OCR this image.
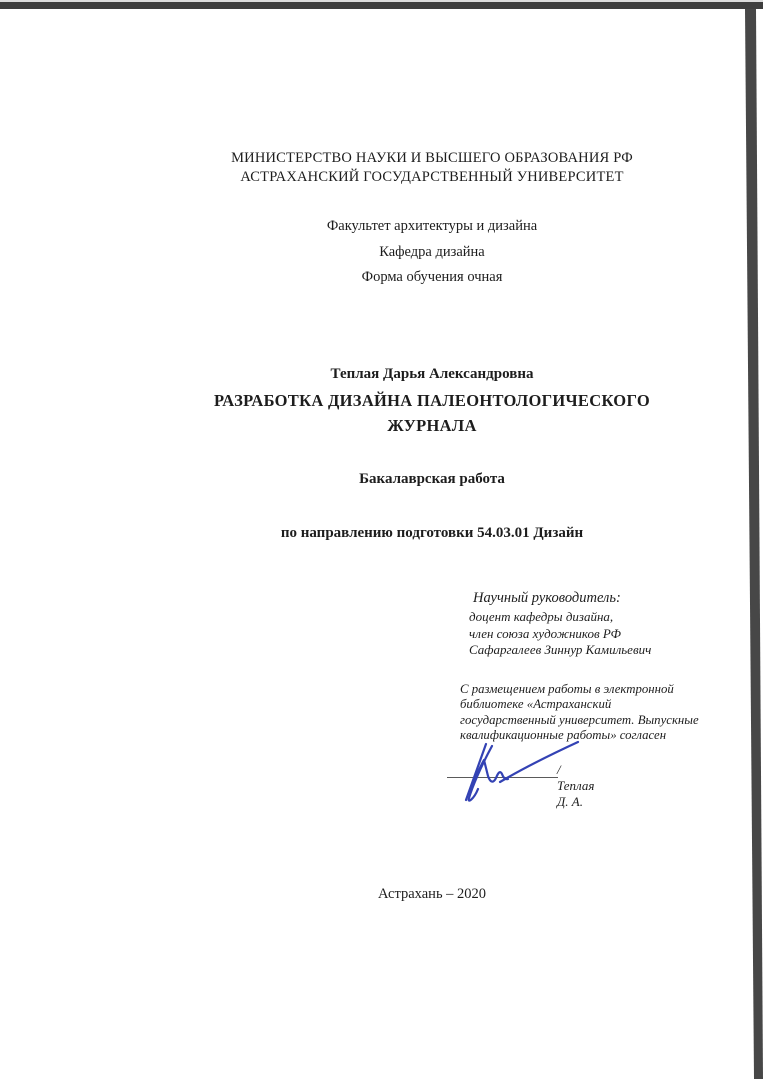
МИНИСТЕРСТВО НАУКИ И ВЫСШЕГО ОБРАЗОВАНИЯ РФ
АСТРАХАНСКИЙ ГОСУДАРСТВЕННЫЙ УНИВЕРСИТЕТ
Факультет архитектуры и дизайна
Кафедра дизайна
Форма обучения очная
Теплая Дарья Александровна
РАЗРАБОТКА ДИЗАЙНА ПАЛЕОНТОЛОГИЧЕСКОГО
ЖУРНАЛА
Бакалаврская работа
по направлению подготовки 54.03.01 Дизайн
Научный руководитель:
доцент кафедры дизайна,
член союза художников РФ
Сафаргалеев Зиннур Камильевич
С размещением работы в электронной
библиотеке «Астраханский
государственный университет. Выпускные
квалификационные работы» согласен
/ Теплая Д. А.
Астрахань – 2020
